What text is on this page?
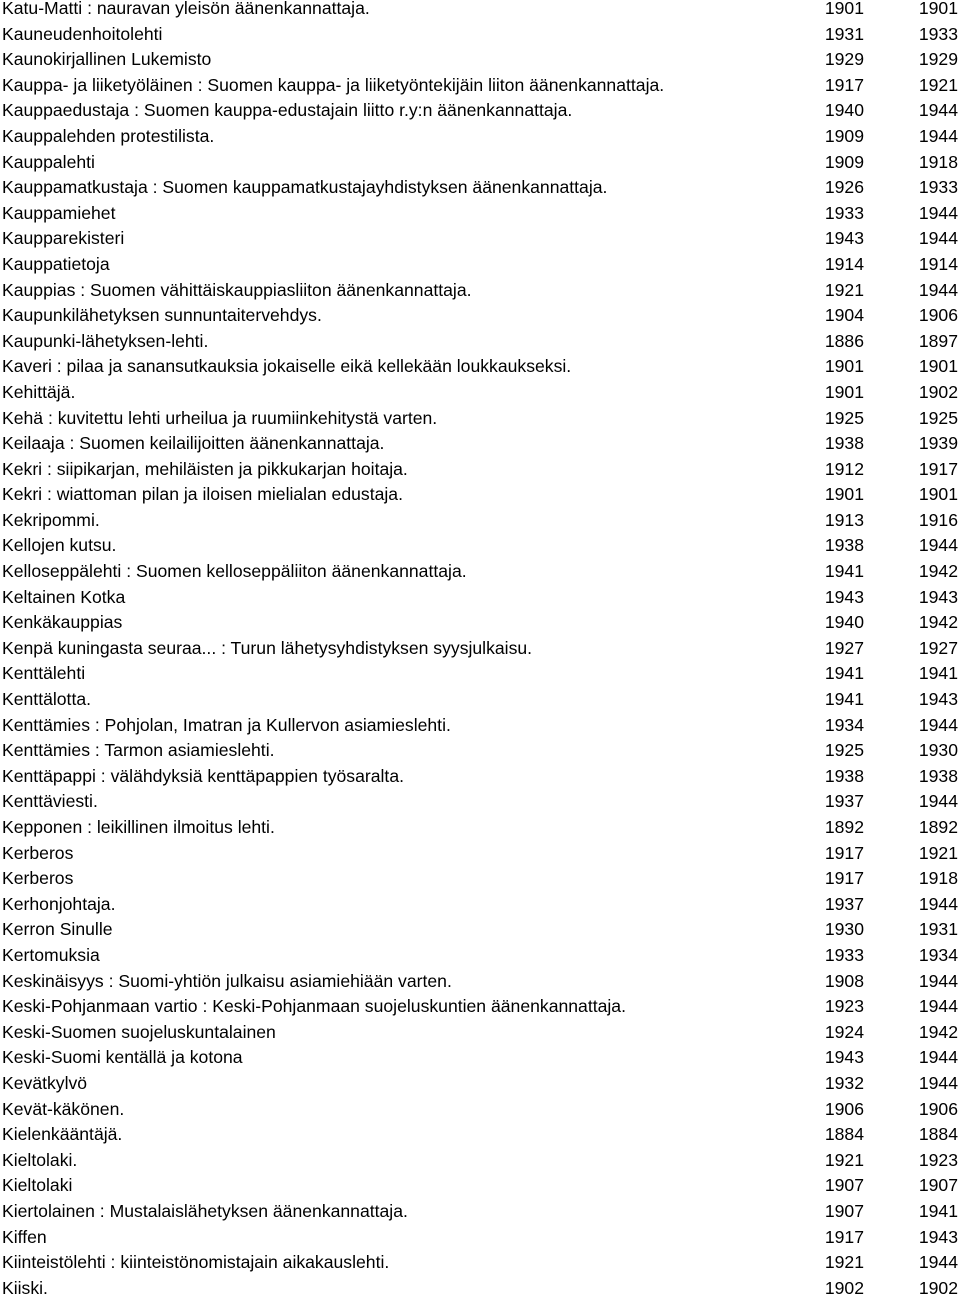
Katu-Matti : nauravan yleisön äänenkannattaja.	1901	1901
Kauneudenhoitolehti	1931	1933
Kaunokirjallinen Lukemisto	1929	1929
Kauppa- ja liiketyöläinen : Suomen kauppa- ja liiketyöntekijäin liiton äänenkannattaja.	1917	1921
Kauppaedustaja : Suomen kauppa-edustajain liitto r.y:n äänenkannattaja.	1940	1944
Kauppalehden protestilista.	1909	1944
Kauppalehti	1909	1918
Kauppamatkustaja : Suomen kauppamatkustajayhdistyksen äänenkannattaja.	1926	1933
Kauppamiehet	1933	1944
Kaupparekisteri	1943	1944
Kauppatietoja	1914	1914
Kauppias : Suomen vähittäiskauppiasliiton äänenkannattaja.	1921	1944
Kaupunkilähetyksen sunnuntaitervehdys.	1904	1906
Kaupunki-lähetyksen-lehti.	1886	1897
Kaveri : pilaa ja sanansutkauksia jokaiselle eikä kellekään loukkaukseksi.	1901	1901
Kehittäjä.	1901	1902
Kehä : kuvitettu lehti urheilua ja ruumiinkehitystä varten.	1925	1925
Keilaaja : Suomen keilailijoitten äänenkannattaja.	1938	1939
Kekri : siipikarjan, mehiläisten ja pikkukarjan hoitaja.	1912	1917
Kekri : wiattoman pilan ja iloisen mielialan edustaja.	1901	1901
Kekripommi.	1913	1916
Kellojen kutsu.	1938	1944
Kelloseppälehti : Suomen kelloseppäliiton äänenkannattaja.	1941	1942
Keltainen Kotka	1943	1943
Kenkäkauppias	1940	1942
Kenpä kuningasta seuraa... : Turun lähetysyhdistyksen syysjulkaisu.	1927	1927
Kenttälehti	1941	1941
Kenttälotta.	1941	1943
Kenttämies : Pohjolan, Imatran ja Kullervon asiamieslehti.	1934	1944
Kenttämies : Tarmon asiamieslehti.	1925	1930
Kenttäpappi : välähdyksiä kenttäpappien työsaralta.	1938	1938
Kenttäviesti.	1937	1944
Kepponen : leikillinen ilmoitus lehti.	1892	1892
Kerberos	1917	1921
Kerberos	1917	1918
Kerhonjohtaja.	1937	1944
Kerron Sinulle	1930	1931
Kertomuksia	1933	1934
Keskinäisyys : Suomi-yhtiön julkaisu asiamiehiään varten.	1908	1944
Keski-Pohjanmaan vartio : Keski-Pohjanmaan suojeluskuntien äänenkannattaja.	1923	1944
Keski-Suomen suojeluskuntalainen	1924	1942
Keski-Suomi kentällä ja kotona	1943	1944
Kevätkylvö	1932	1944
Kevät-käkönen.	1906	1906
Kielenkääntäjä.	1884	1884
Kieltolaki.	1921	1923
Kieltolaki	1907	1907
Kiertolainen : Mustalaislähetyksen äänenkannattaja.	1907	1941
Kiffen	1917	1943
Kiinteistölehti : kiinteistönomistajain aikakauslehti.	1921	1944
Kiiski.	1902	1902
